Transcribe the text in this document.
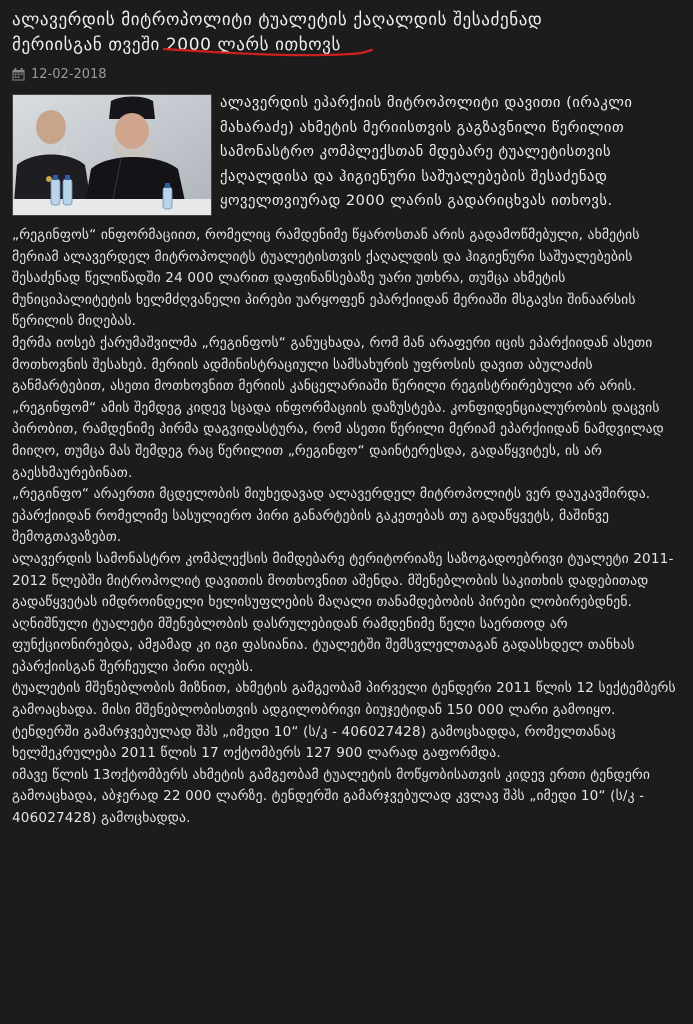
ალავერდის მიტროპოლიტი ტუალეტის ქაღალდის შესაძენად
მერიისგან თვეში 2000 ლარს ითხოვს
12-02-2018

ალავერდის ეპარქიის მიტროპოლიტი დავითი (ირაკლი მახარაძე) ახმეტის მერიისთვის გაგზავნილი წერილით სამონასტრო კომპლექსთან მდებარე ტუალეტისთვის ქაღალდისა და ჰიგიენური საშუალებების შესაძენად ყოველთვიურად 2000 ლარის გადარიცხვას ითხოვს.

„რეგინფოს“ ინფორმაციით, რომელიც რამდენიმე წყაროსთან არის გადამოწმებული, ახმეტის მერიამ ალავერდელ მიტროპოლიტს ტუალეტისთვის ქაღალდის და ჰიგიენური საშუალებების შესაძენად წელიწადში 24 000 ლარით დაფინანსებაზე უარი უთხრა, თუმცა ახმეტის მუნიციპალიტეტის ხელმძღვანელი პირები უარყოფენ ეპარქიიდან მერიაში მსგავსი შინაარსის წერილის მიღებას.

მერმა იოსებ ქარუმაშვილმა „რეგინფოს“ განუცხადა, რომ მან არაფერი იცის ეპარქიიდან ასეთი მოთხოვნის შესახებ. მერიის ადმინისტრაციული სამსახურის უფროსის დავით აბულაძის განმარტებით, ასეთი მოთხოვნით მერიის კანცელარიაში წერილი რეგისტრირებული არ არის.

„რეგინფომ“ ამის შემდეგ კიდევ სცადა ინფორმაციის დაზუსტება. კონფიდენციალურობის დაცვის პირობით, რამდენიმე პირმა დაგვიდასტურა, რომ ასეთი წერილი მერიამ ეპარქიიდან ნამდვილად მიიღო, თუმცა მას შემდეგ რაც წერილით „რეგინფო“ დაინტერესდა, გადაწყვიტეს, ის არ გაესხმაურებინათ.

„რეგინფო“ არაერთი მცდელობის მიუხედავად ალავერდელ მიტროპოლიტს ვერ დაუკავშირდა. ეპარქიიდან რომელიმე სასულიერო პირი განარტების გაკეთებას თუ გადაწყვეტს, მაშინვე შემოგთავაზებთ.

ალავერდის სამონასტრო კომპლექსის მიმდებარე ტერიტორიაზე საზოგადოებრივი ტუალეტი 2011-2012 წლებში მიტროპოლიტ დავითის მოთხოვნით აშენდა. მშენებლობის საკითხის დადებითად გადაწყვეტას იმდროინდელი ხელისუფლების მაღალი თანამდებობის პირები ლობირებდნენ.

აღნიშნული ტუალეტი მშენებლობის დასრულებიდან რამდენიმე წელი საერთოდ არ ფუნქციონირებდა, ამჟამად კი იგი ფასიანია. ტუალეტში შემსვლელთაგან გადასხდელ თანხას ეპარქიისგან შერჩეული პირი იღებს.

ტუალეტის მშენებლობის მიზნით, ახმეტის გამგეობამ პირველი ტენდერი 2011 წლის 12 სექტემბერს გამოაცხადა. მისი მშენებლობისთვის ადგილობრივი ბიუჯეტიდან 150 000 ლარი გამოიყო. ტენდერში გამარჯვებულად შპს „იმედი 10“ (ს/კ - 406027428) გამოცხადდა, რომელთანაც ხელშეკრულება 2011 წლის 17 ოქტომბერს 127 900 ლარად გაფორმდა.

იმავე წლის 13ოქტომბერს ახმეტის გამგეობამ ტუალეტის მოწყობისათვის კიდევ ერთი ტენდერი გამოაცხადა, აბჯერად 22 000 ლარზე. ტენდერში გამარჯვებულად კვლავ შპს „იმედი 10“ (ს/კ - 406027428) გამოცხადდა.
